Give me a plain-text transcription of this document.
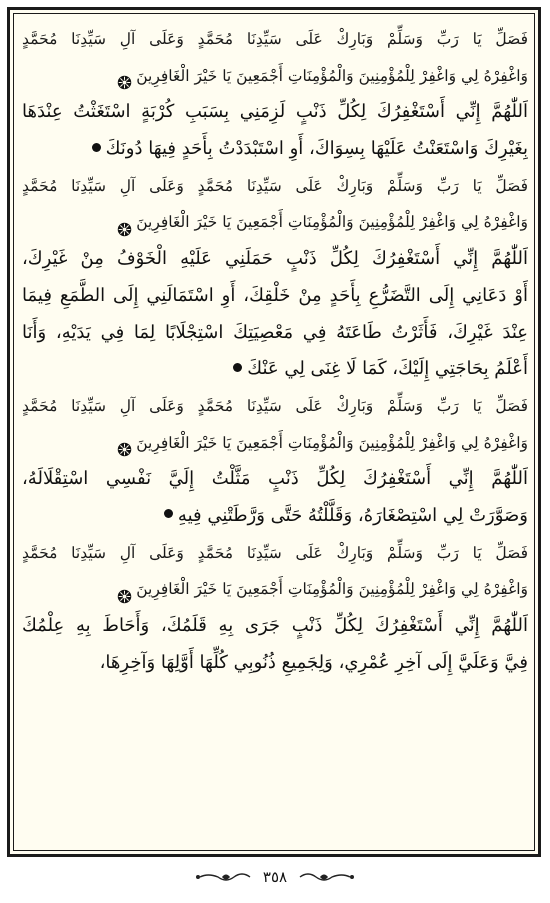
فَصَلِّ يَا رَبِّ وَسَلِّمْ وَبَارِكْ عَلَى سَيِّدِنَا مُحَمَّدٍ وَعَلَى آلِ سَيِّدِنَا مُحَمَّدٍ
وَاغْفِرْهُ لِي وَاغْفِرْ لِلْمُؤْمِنِينَ وَالْمُؤْمِنَاتِ أَجْمَعِينَ يَا خَيْرَ الْغَافِرِينَ
اَللّٰهُمَّ إِنِّي أَسْتَغْفِرُكَ لِكُلِّ ذَنْبٍ لَزِمَنِي بِسَبَبِ كُرْبَةٍ اسْتَغَثْتُ عِنْدَهَا
بِغَيْرِكَ وَاسْتَعَنْتُ عَلَيْهَا بِسِوَاكَ، أَوِ اسْتَبْدَدْتُ بِأَحَدٍ فِيهَا دُونَكَ
فَصَلِّ يَا رَبِّ وَسَلِّمْ وَبَارِكْ عَلَى سَيِّدِنَا مُحَمَّدٍ وَعَلَى آلِ سَيِّدِنَا مُحَمَّدٍ
وَاغْفِرْهُ لِي وَاغْفِرْ لِلْمُؤْمِنِينَ وَالْمُؤْمِنَاتِ أَجْمَعِينَ يَا خَيْرَ الْغَافِرِينَ
اَللّٰهُمَّ إِنِّي أَسْتَغْفِرُكَ لِكُلِّ ذَنْبٍ حَمَلَنِي عَلَيْهِ الْخَوْفُ مِنْ غَيْرِكَ،
أَوْ دَعَانِي إِلَى التَّضَرُّعِ بِأَحَدٍ مِنْ خَلْقِكَ، أَوِ اسْتَمَالَنِي إِلَى الطَّمَعِ فِيمَا
عِنْدَ غَيْرِكَ، فَأَثَرْتُ طَاعَتَهُ فِي مَعْصِيَتِكَ اسْتِجْلَابًا لِمَا فِي يَدَيْهِ، وَأَنَا
أَعْلَمُ بِحَاجَتِي إِلَيْكَ، كَمَا لَا غِنَى لِي عَنْكَ
فَصَلِّ يَا رَبِّ وَسَلِّمْ وَبَارِكْ عَلَى سَيِّدِنَا مُحَمَّدٍ وَعَلَى آلِ سَيِّدِنَا مُحَمَّدٍ
وَاغْفِرْهُ لِي وَاغْفِرْ لِلْمُؤْمِنِينَ وَالْمُؤْمِنَاتِ أَجْمَعِينَ يَا خَيْرَ الْغَافِرِينَ
اَللّٰهُمَّ إِنِّي أَسْتَغْفِرُكَ لِكُلِّ ذَنْبٍ مَثَّلْتُ إِلَيَّ نَفْسِي اسْتِقْلَالَهُ،
وَصَوَّرَتْ لِي اسْتِصْغَارَهُ، وَقَلَّلْتُهُ حَتَّى وَرَّطَتْنِي فِيهِ
فَصَلِّ يَا رَبِّ وَسَلِّمْ وَبَارِكْ عَلَى سَيِّدِنَا مُحَمَّدٍ وَعَلَى آلِ سَيِّدِنَا مُحَمَّدٍ
وَاغْفِرْهُ لِي وَاغْفِرْ لِلْمُؤْمِنِينَ وَالْمُؤْمِنَاتِ أَجْمَعِينَ يَا خَيْرَ الْغَافِرِينَ
اَللّٰهُمَّ إِنِّي أَسْتَغْفِرُكَ لِكُلِّ ذَنْبٍ جَرَى بِهِ قَلَمُكَ، وَأَحَاطَ بِهِ عِلْمُكَ
فِيَّ وَعَلَيَّ إِلَى آخِرِ عُمْرِي، وَلِجَمِيعِ ذُنُوبِي كُلِّهَا أَوَّلِهَا وَآخِرِهَا،
٣٥٨
